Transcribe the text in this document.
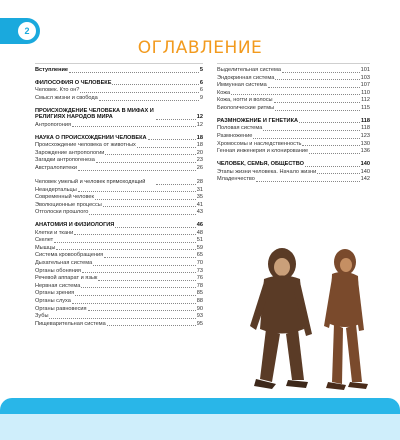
2
ОГЛАВЛЕНИЕ
Вступление	5
ФИЛОСОФИЯ О ЧЕЛОВЕКЕ	6
Человек. Кто он?	6
Смысл жизни и свобода	9
ПРОИСХОЖДЕНИЕ ЧЕЛОВЕКА В МИФАХ И РЕЛИГИЯХ НАРОДОВ МИРА	12
Антропогония	12
НАУКА О ПРОИСХОЖДЕНИИ ЧЕЛОВЕКА	18
Происхождение человека от животных	18
Зарождение антропологии	20
Загадки антропогенеза	23
Австралопитеки	26
Человек умелый и человек прямоходящий	28
Неандертальцы	31
Современный человек	35
Эволюционные процессы	41
Отголоски прошлого	43
АНАТОМИЯ И ФИЗИОЛОГИЯ	46
Клетки и ткани	48
Скелет	51
Мышцы	59
Система кровообращения	65
Дыхательная система	70
Органы обоняния	73
Речевой аппарат и язык	76
Нервная система	78
Органы зрения	85
Органы слуха	88
Органы равновесия	90
Зубы	93
Пищеварительная система	95
Выделительная система	101
Эндокринная система	103
Иммунная система	107
Кожа	110
Кожа, ногти и волосы	112
Биологические ритмы	115
РАЗМНОЖЕНИЕ И ГЕНЕТИКА	118
Половая система	118
Размножение	123
Хромосомы и наследственность	130
Генная инженерия и клонирование	136
ЧЕЛОВЕК, СЕМЬЯ, ОБЩЕСТВО	140
Этапы жизни человека. Начало жизни	140
Младенчество	142
